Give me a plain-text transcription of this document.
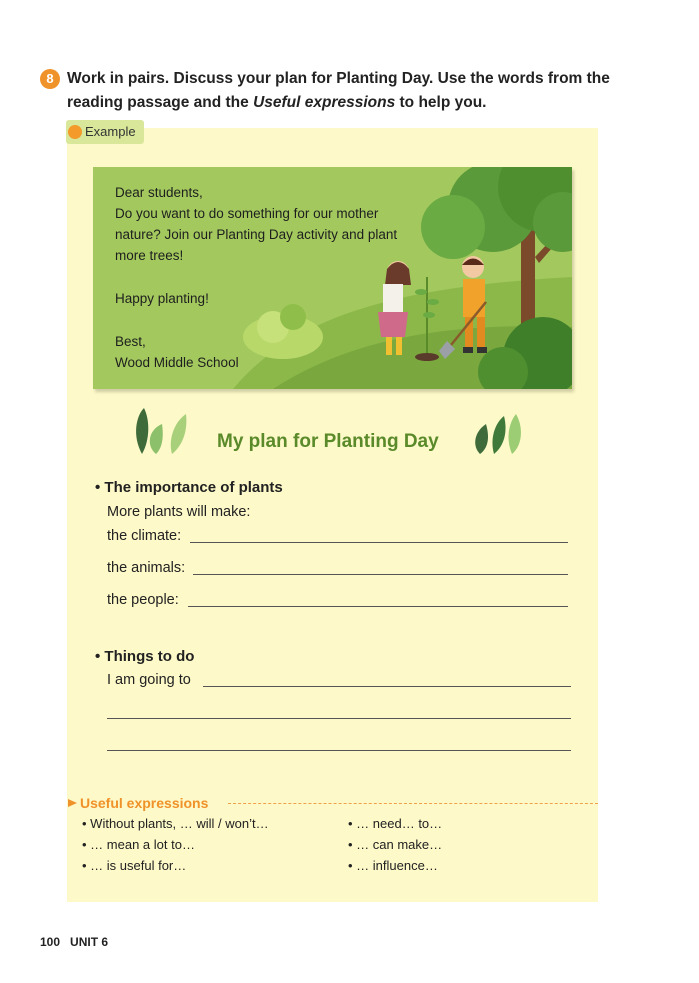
8 Work in pairs. Discuss your plan for Planting Day. Use the words from the
reading passage and the Useful expressions to help you.
Example
Dear students,
Do you want to do something for our mother
nature? Join our Planting Day activity and plant
more trees!
Happy planting!
Best,
Wood Middle School
My plan for Planting Day
• The importance of plants
More plants will make:
the climate:
the animals:
the people:
• Things to do
I am going to
Useful expressions
• Without plants, … will / won’t…
• … mean a lot to…
• … is useful for…
• … need… to…
• … can make…
• … influence…
100 UNIT 6
